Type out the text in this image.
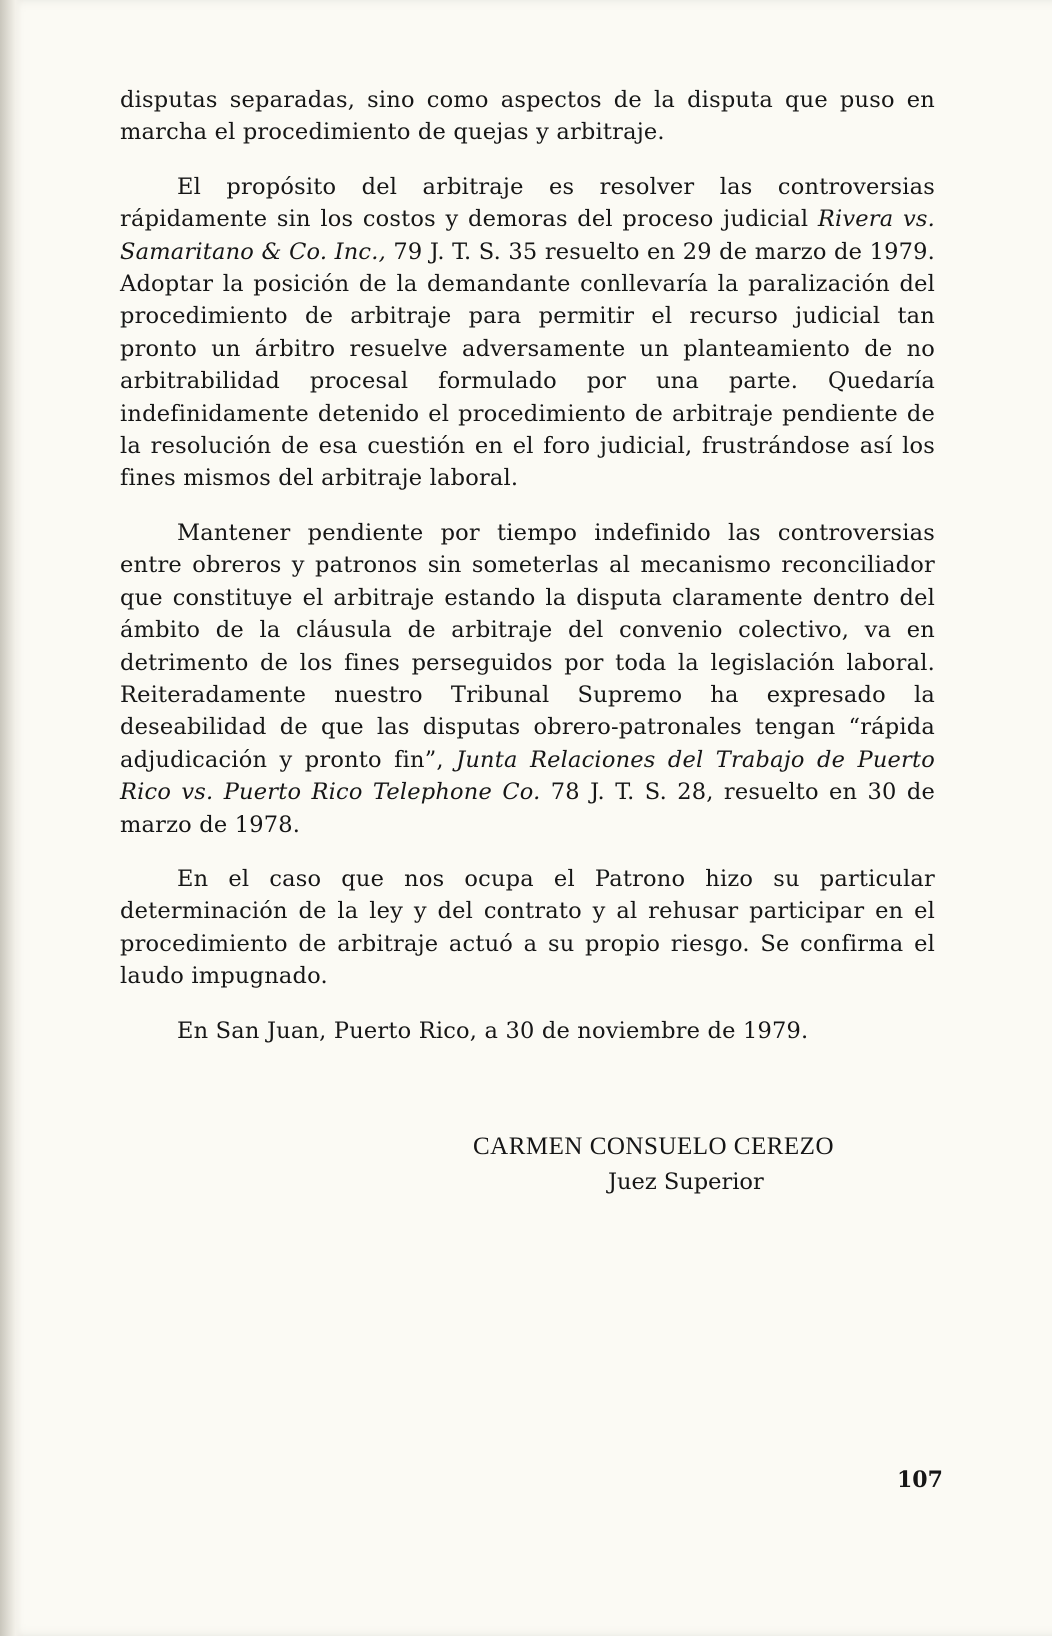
disputas separadas, sino como aspectos de la disputa que puso en marcha el procedimiento de quejas y arbitraje.

El propósito del arbitraje es resolver las controversias rápidamente sin los costos y demoras del proceso judicial Rivera vs. Samaritano & Co. Inc., 79 J. T. S. 35 resuelto en 29 de marzo de 1979. Adoptar la posición de la demandante conllevaría la paralización del procedimiento de arbitraje para permitir el recurso judicial tan pronto un árbitro resuelve adversamente un planteamiento de no arbitrabilidad procesal formulado por una parte. Quedaría indefinidamente detenido el procedimiento de arbitraje pendiente de la resolución de esa cuestión en el foro judicial, frustrándose así los fines mismos del arbitraje laboral.

Mantener pendiente por tiempo indefinido las controversias entre obreros y patronos sin someterlas al mecanismo reconciliador que constituye el arbitraje estando la disputa claramente dentro del ámbito de la cláusula de arbitraje del convenio colectivo, va en detrimento de los fines perseguidos por toda la legislación laboral. Reiteradamente nuestro Tribunal Supremo ha expresado la deseabilidad de que las disputas obrero-patronales tengan “rápida adjudicación y pronto fin”, Junta Relaciones del Trabajo de Puerto Rico vs. Puerto Rico Telephone Co. 78 J. T. S. 28, resuelto en 30 de marzo de 1978.

En el caso que nos ocupa el Patrono hizo su particular determinación de la ley y del contrato y al rehusar participar en el procedimiento de arbitraje actuó a su propio riesgo. Se confirma el laudo impugnado.

En San Juan, Puerto Rico, a 30 de noviembre de 1979.

CARMEN CONSUELO CEREZO
Juez Superior
107
